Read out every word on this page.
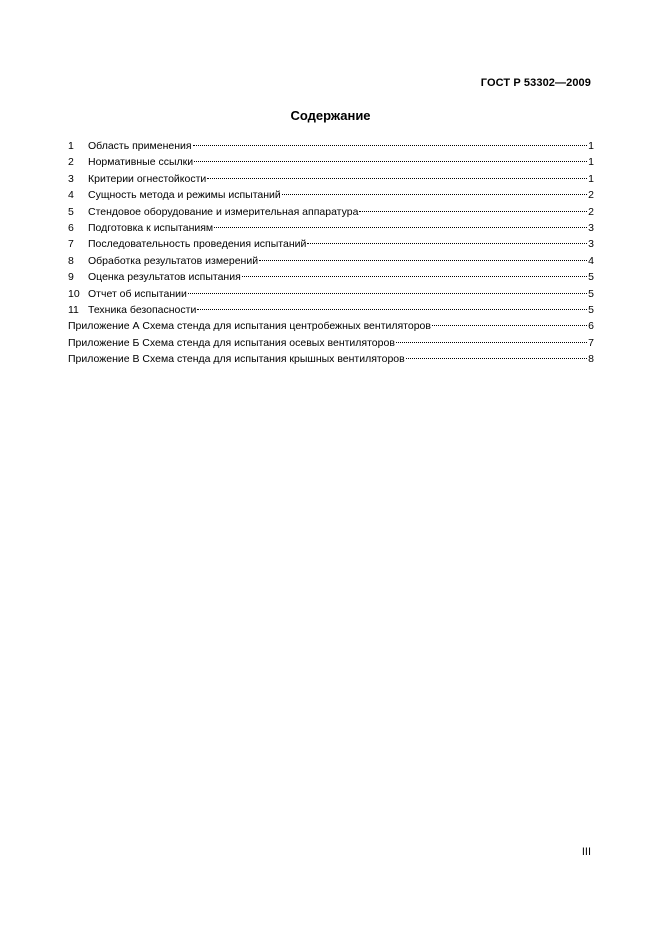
ГОСТ Р 53302—2009
Содержание
1	Область применения	1
2	Нормативные ссылки	1
3	Критерии огнестойкости	1
4	Сущность метода и режимы испытаний	2
5	Стендовое оборудование и измерительная аппаратура	2
6	Подготовка к испытаниям	3
7	Последовательность проведения испытаний	3
8	Обработка результатов измерений	4
9	Оценка результатов испытания	5
10 Отчет об испытании	5
11 Техника безопасности	5
Приложение А Схема стенда для испытания центробежных вентиляторов	6
Приложение Б Схема стенда для испытания осевых вентиляторов	7
Приложение В Схема стенда для испытания крышных вентиляторов	8
III
